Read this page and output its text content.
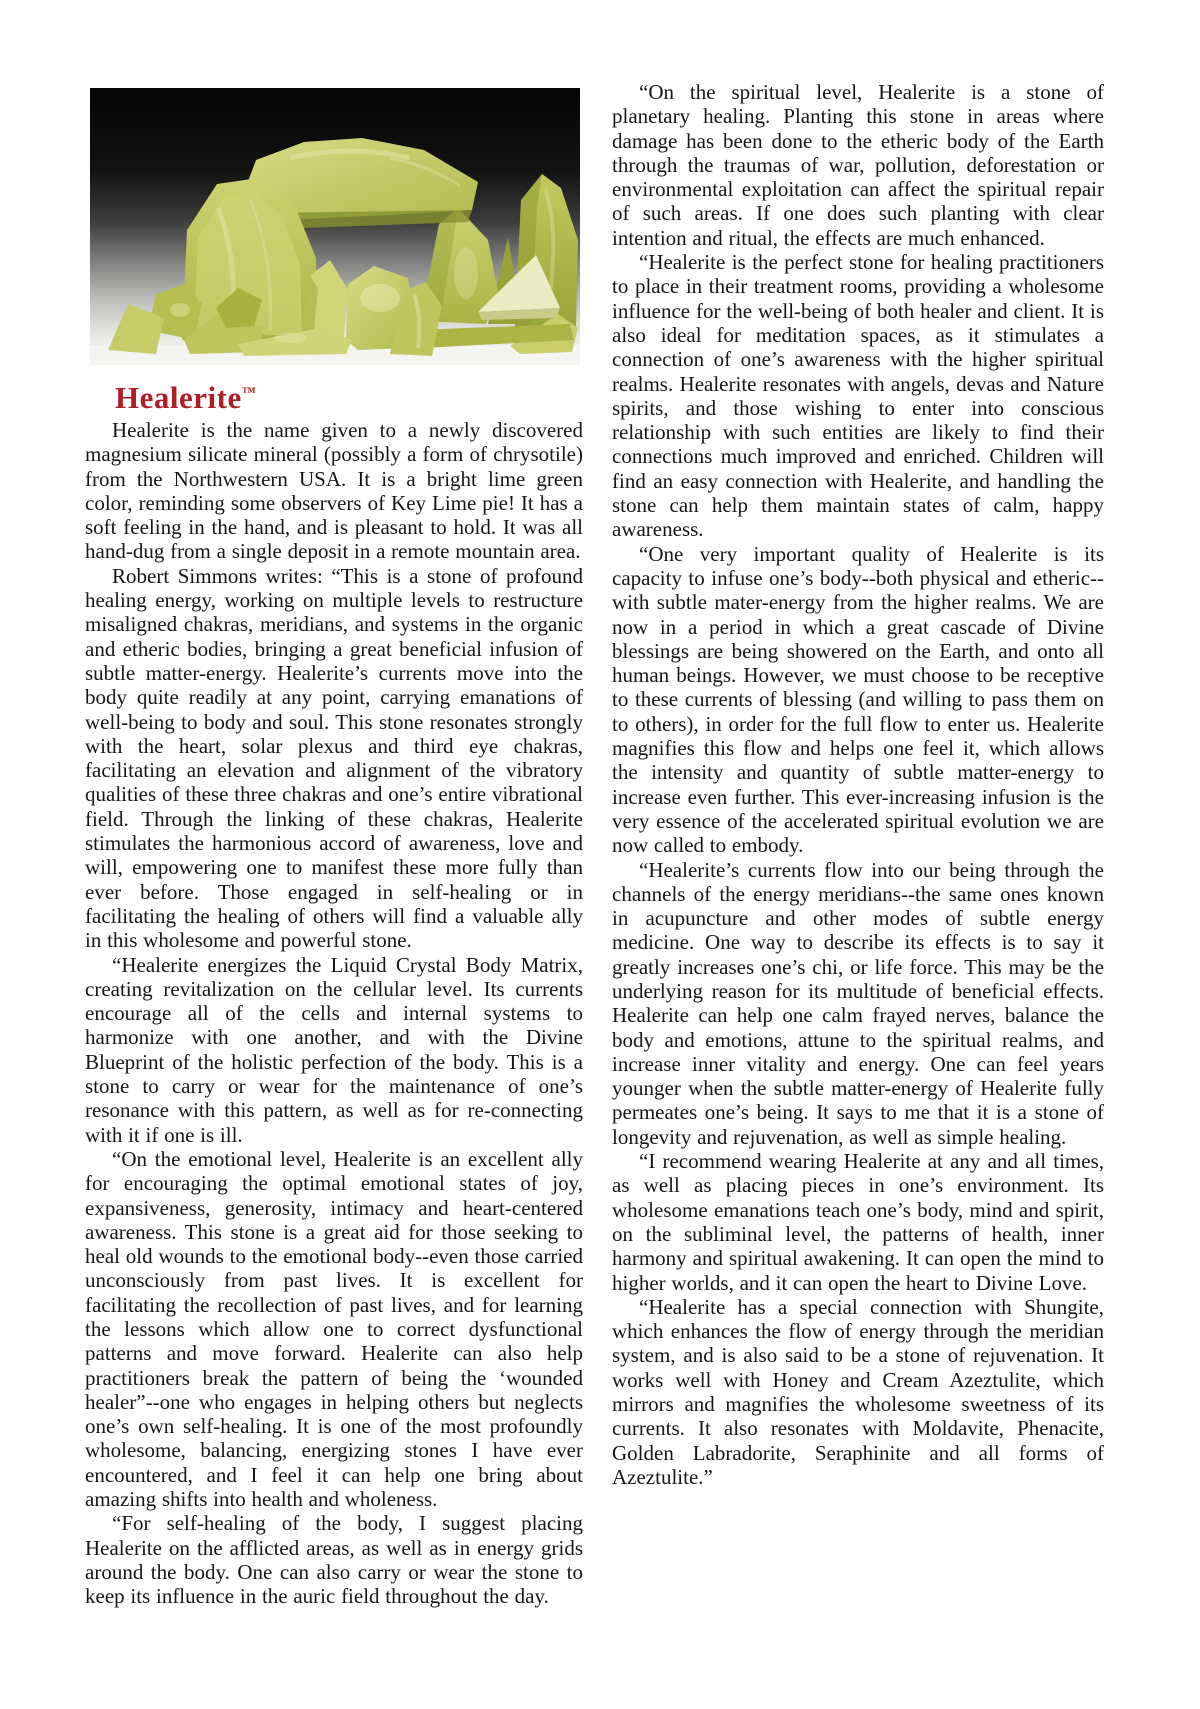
Healerite™

Healerite is the name given to a newly discovered magnesium silicate mineral (possibly a form of chrysotile) from the Northwestern USA. It is a bright lime green color, reminding some observers of Key Lime pie! It has a soft feeling in the hand, and is pleasant to hold. It was all hand-dug from a single deposit in a remote mountain area.

Robert Simmons writes: “This is a stone of profound healing energy, working on multiple levels to restructure misaligned chakras, meridians, and systems in the organic and etheric bodies, bringing a great beneficial infusion of subtle matter-energy. Healerite’s currents move into the body quite readily at any point, carrying emanations of well-being to body and soul. This stone resonates strongly with the heart, solar plexus and third eye chakras, facilitating an elevation and alignment of the vibratory qualities of these three chakras and one’s entire vibrational field. Through the linking of these chakras, Healerite stimulates the harmonious accord of awareness, love and will, empowering one to manifest these more fully than ever before. Those engaged in self-healing or in facilitating the healing of others will find a valuable ally in this wholesome and powerful stone.

“Healerite energizes the Liquid Crystal Body Matrix, creating revitalization on the cellular level. Its currents encourage all of the cells and internal systems to harmonize with one another, and with the Divine Blueprint of the holistic perfection of the body. This is a stone to carry or wear for the maintenance of one’s resonance with this pattern, as well as for re-connecting with it if one is ill.

“On the emotional level, Healerite is an excellent ally for encouraging the optimal emotional states of joy, expansiveness, generosity, intimacy and heart-centered awareness. This stone is a great aid for those seeking to heal old wounds to the emotional body--even those carried unconsciously from past lives. It is excellent for facilitating the recollection of past lives, and for learning the lessons which allow one to correct dysfunctional patterns and move forward. Healerite can also help practitioners break the pattern of being the ‘wounded healer”--one who engages in helping others but neglects one’s own self-healing. It is one of the most profoundly wholesome, balancing, energizing stones I have ever encountered, and I feel it can help one bring about amazing shifts into health and wholeness.

“For self-healing of the body, I suggest placing Healerite on the afflicted areas, as well as in energy grids around the body. One can also carry or wear the stone to keep its influence in the auric field throughout the day.

“On the spiritual level, Healerite is a stone of planetary healing. Planting this stone in areas where damage has been done to the etheric body of the Earth through the traumas of war, pollution, deforestation or environmental exploitation can affect the spiritual repair of such areas. If one does such planting with clear intention and ritual, the effects are much enhanced.

“Healerite is the perfect stone for healing practitioners to place in their treatment rooms, providing a wholesome influence for the well-being of both healer and client. It is also ideal for meditation spaces, as it stimulates a connection of one’s awareness with the higher spiritual realms. Healerite resonates with angels, devas and Nature spirits, and those wishing to enter into conscious relationship with such entities are likely to find their connections much improved and enriched. Children will find an easy connection with Healerite, and handling the stone can help them maintain states of calm, happy awareness.

“One very important quality of Healerite is its capacity to infuse one’s body--both physical and etheric--with subtle mater-energy from the higher realms. We are now in a period in which a great cascade of Divine blessings are being showered on the Earth, and onto all human beings. However, we must choose to be receptive to these currents of blessing (and willing to pass them on to others), in order for the full flow to enter us. Healerite magnifies this flow and helps one feel it, which allows the intensity and quantity of subtle matter-energy to increase even further. This ever-increasing infusion is the very essence of the accelerated spiritual evolution we are now called to embody.

“Healerite’s currents flow into our being through the channels of the energy meridians--the same ones known in acupuncture and other modes of subtle energy medicine. One way to describe its effects is to say it greatly increases one’s chi, or life force. This may be the underlying reason for its multitude of beneficial effects. Healerite can help one calm frayed nerves, balance the body and emotions, attune to the spiritual realms, and increase inner vitality and energy. One can feel years younger when the subtle matter-energy of Healerite fully permeates one’s being. It says to me that it is a stone of longevity and rejuvenation, as well as simple healing.

“I recommend wearing Healerite at any and all times, as well as placing pieces in one’s environment. Its wholesome emanations teach one’s body, mind and spirit, on the subliminal level, the patterns of health, inner harmony and spiritual awakening. It can open the mind to higher worlds, and it can open the heart to Divine Love.

“Healerite has a special connection with Shungite, which enhances the flow of energy through the meridian system, and is also said to be a stone of rejuvenation. It works well with Honey and Cream Azeztulite, which mirrors and magnifies the wholesome sweetness of its currents. It also resonates with Moldavite, Phenacite, Golden Labradorite, Seraphinite and all forms of Azeztulite.”
